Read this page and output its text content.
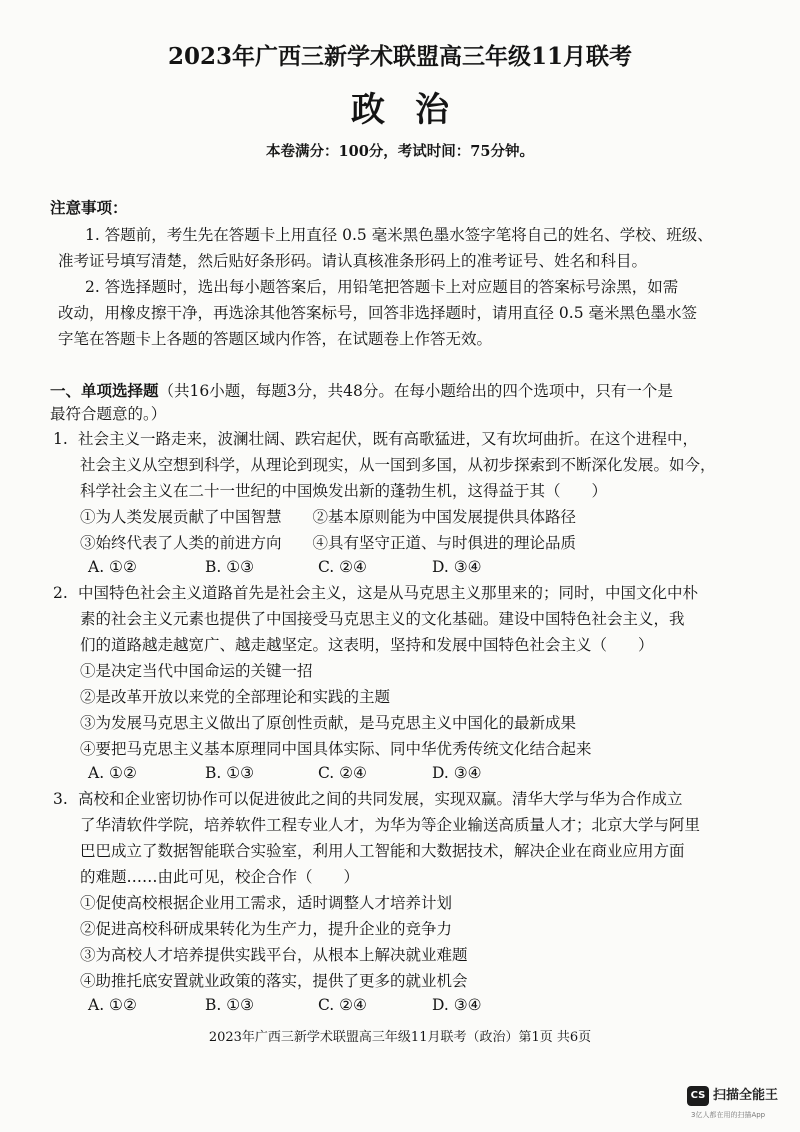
2023年广西三新学术联盟高三年级11月联考
政治
本卷满分：100分，考试时间：75分钟。
注意事项：
1. 答题前，考生先在答题卡上用直径 0.5 毫米黑色墨水签字笔将自己的姓名、学校、班级、
准考证号填写清楚，然后贴好条形码。请认真核准条形码上的准考证号、姓名和科目。
2. 答选择题时，选出每小题答案后，用铅笔把答题卡上对应题目的答案标号涂黑，如需
改动，用橡皮擦干净，再选涂其他答案标号，回答非选择题时，请用直径 0.5 毫米黑色墨水签
字笔在答题卡上各题的答题区域内作答，在试题卷上作答无效。
一、单项选择题（共16小题，每题3分，共48分。在每小题给出的四个选项中，只有一个是
最符合题意的。）
1. 社会主义一路走来，波澜壮阔、跌宕起伏，既有高歌猛进，又有坎坷曲折。在这个进程中，
社会主义从空想到科学，从理论到现实，从一国到多国，从初步探索到不断深化发展。如今，
科学社会主义在二十一世纪的中国焕发出新的蓬勃生机，这得益于其（　　）
①为人类发展贡献了中国智慧　　②基本原则能为中国发展提供具体路径
③始终代表了人类的前进方向　　④具有坚守正道、与时俱进的理论品质
A. ①②	B. ①③	C. ②④	D. ③④
2. 中国特色社会主义道路首先是社会主义，这是从马克思主义那里来的；同时，中国文化中朴
素的社会主义元素也提供了中国接受马克思主义的文化基础。建设中国特色社会主义，我
们的道路越走越宽广、越走越坚定。这表明，坚持和发展中国特色社会主义（　　）
①是决定当代中国命运的关键一招
②是改革开放以来党的全部理论和实践的主题
③为发展马克思主义做出了原创性贡献，是马克思主义中国化的最新成果
④要把马克思主义基本原理同中国具体实际、同中华优秀传统文化结合起来
A. ①②	B. ①③	C. ②④	D. ③④
3. 高校和企业密切协作可以促进彼此之间的共同发展，实现双赢。清华大学与华为合作成立
了华清软件学院，培养软件工程专业人才，为华为等企业输送高质量人才；北京大学与阿里
巴巴成立了数据智能联合实验室，利用人工智能和大数据技术，解决企业在商业应用方面
的难题……由此可见，校企合作（　　）
①促使高校根据企业用工需求，适时调整人才培养计划
②促进高校科研成果转化为生产力，提升企业的竞争力
③为高校人才培养提供实践平台，从根本上解决就业难题
④助推托底安置就业政策的落实，提供了更多的就业机会
A. ①②	B. ①③	C. ②④	D. ③④
2023年广西三新学术联盟高三年级11月联考（政治）第1页 共6页
CS 扫描全能王
3亿人都在用的扫描App
